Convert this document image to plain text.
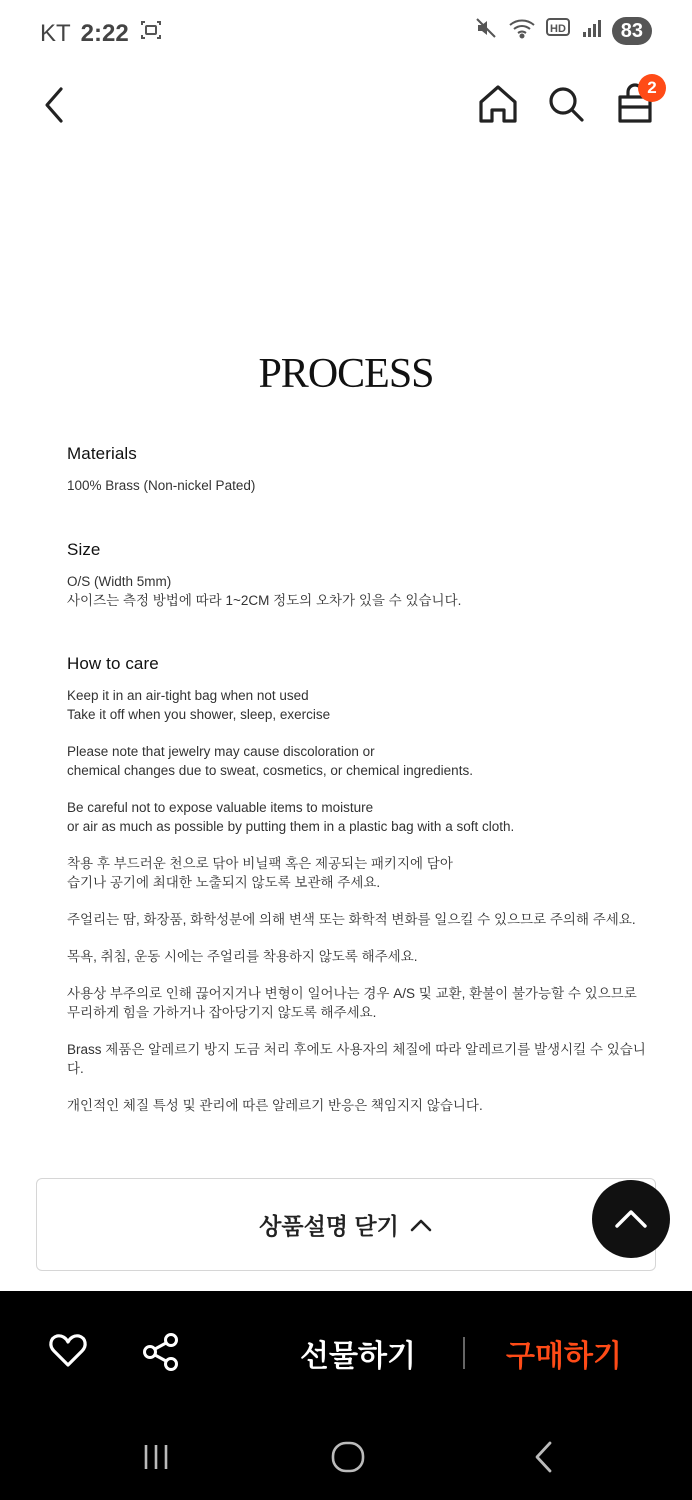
KT 2:22	HD	83
2
PROCESS
Materials

100% Brass (Non-nickel Pated)

Size

O/S (Width 5mm)

사이즈는 측정 방법에 따라 1~2CM 정도의 오차가 있을 수 있습니다.

How to care

Keep it in an air-tight bag when not used
Take it off when you shower, sleep, exercise

Please note that jewelry may cause discoloration or
chemical changes due to sweat, cosmetics, or chemical ingredients.

Be careful not to expose valuable items to moisture
or air as much as possible by putting them in a plastic bag with a soft cloth.

착용 후 부드러운 천으로 닦아 비닐팩 혹은 제공되는 패키지에 담아
습기나 공기에 최대한 노출되지 않도록 보관해 주세요.

주얼리는 땀, 화장품, 화학성분에 의해 변색 또는 화학적 변화를 일으킬 수 있으므로 주의해 주세요.

목욕, 취침, 운동 시에는 주얼리를 착용하지 않도록 해주세요.

사용상 부주의로 인해 끊어지거나 변형이 일어나는 경우 A/S 및 교환, 환불이 불가능할 수 있으므로
무리하게 힘을 가하거나 잡아당기지 않도록 해주세요.

Brass 제품은 알레르기 방지 도금 처리 후에도 사용자의 체질에 따라 알레르기를 발생시킬 수 있습니다.

개인적인 체질 특성 및 관리에 따른 알레르기 반응은 책임지지 않습니다.

상품설명 닫기
선물하기	구매하기
